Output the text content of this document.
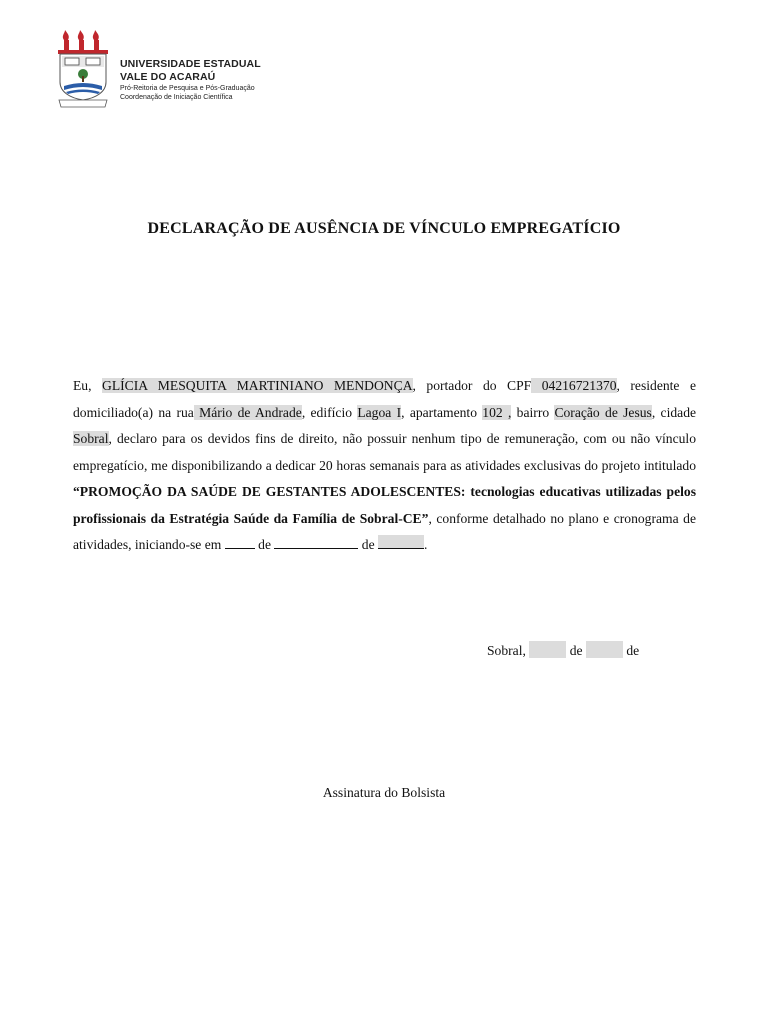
UNIVERSIDADE ESTADUAL
VALE DO ACARAÚ
Pró-Reitoria de Pesquisa e Pós-Graduação
Coordenação de Iniciação Científica
DECLARAÇÃO DE AUSÊNCIA DE VÍNCULO EMPREGATÍCIO
Eu, GLÍCIA MESQUITA MARTINIANO MENDONÇA, portador do CPF 04216721370, residente e domiciliado(a) na rua Mário de Andrade, edifício Lagoa I, apartamento 102 , bairro Coração de Jesus, cidade Sobral, declaro para os devidos fins de direito, não possuir nenhum tipo de remuneração, com ou não vínculo empregatício, me disponibilizando a dedicar 20 horas semanais para as atividades exclusivas do projeto intitulado “PROMOÇÃO DA SAÚDE DE GESTANTES ADOLESCENTES: tecnologias educativas utilizadas pelos profissionais da Estratégia Saúde da Família de Sobral-CE”, conforme detalhado no plano e cronograma de atividades, iniciando-se em  de	de	.
Sobral,	de	de
Assinatura do Bolsista
